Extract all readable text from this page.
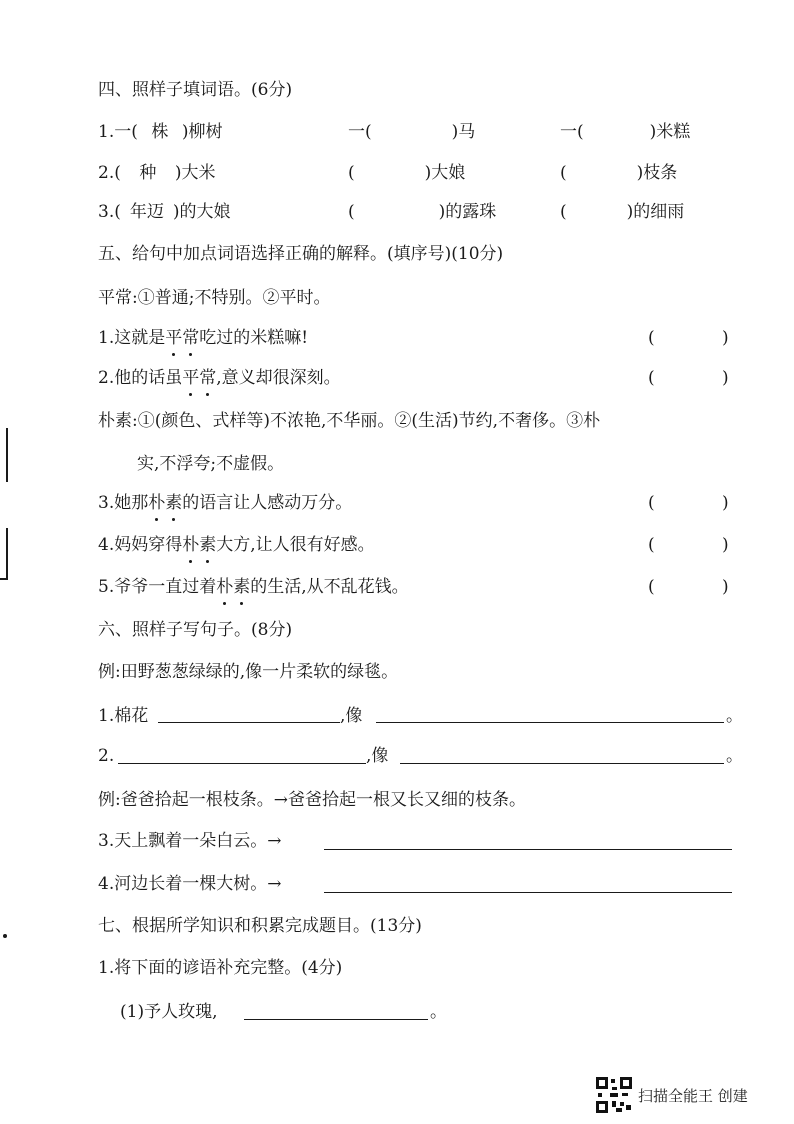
四、照样子填词语。(6分)
1.一( 株 )柳树	一(	)马	一(	)米糕
2.( 种 )大米	(	)大娘	(	)枝条
3.( 年迈 )的大娘	(	)的露珠	(	)的细雨
五、给句中加点词语选择正确的解释。(填序号)(10分)
平常:①普通;不特别。②平时。
1.这就是平常吃过的米糕嘛!	(	)
2.他的话虽平常,意义却很深刻。	(	)
朴素:①(颜色、式样等)不浓艳,不华丽。②(生活)节约,不奢侈。③朴
实,不浮夸;不虚假。
3.她那朴素的语言让人感动万分。	(	)
4.妈妈穿得朴素大方,让人很有好感。	(	)
5.爷爷一直过着朴素的生活,从不乱花钱。	(	)
六、照样子写句子。(8分)
例:田野葱葱绿绿的,像一片柔软的绿毯。
1.棉花	,像	。
2.	,像	。
例:爸爸拾起一根枝条。→爸爸拾起一根又长又细的枝条。
3.天上飘着一朵白云。→
4.河边长着一棵大树。→
七、根据所学知识和积累完成题目。(13分)
1.将下面的谚语补充完整。(4分)
(1)予人玫瑰,	。
扫描全能王 创建
